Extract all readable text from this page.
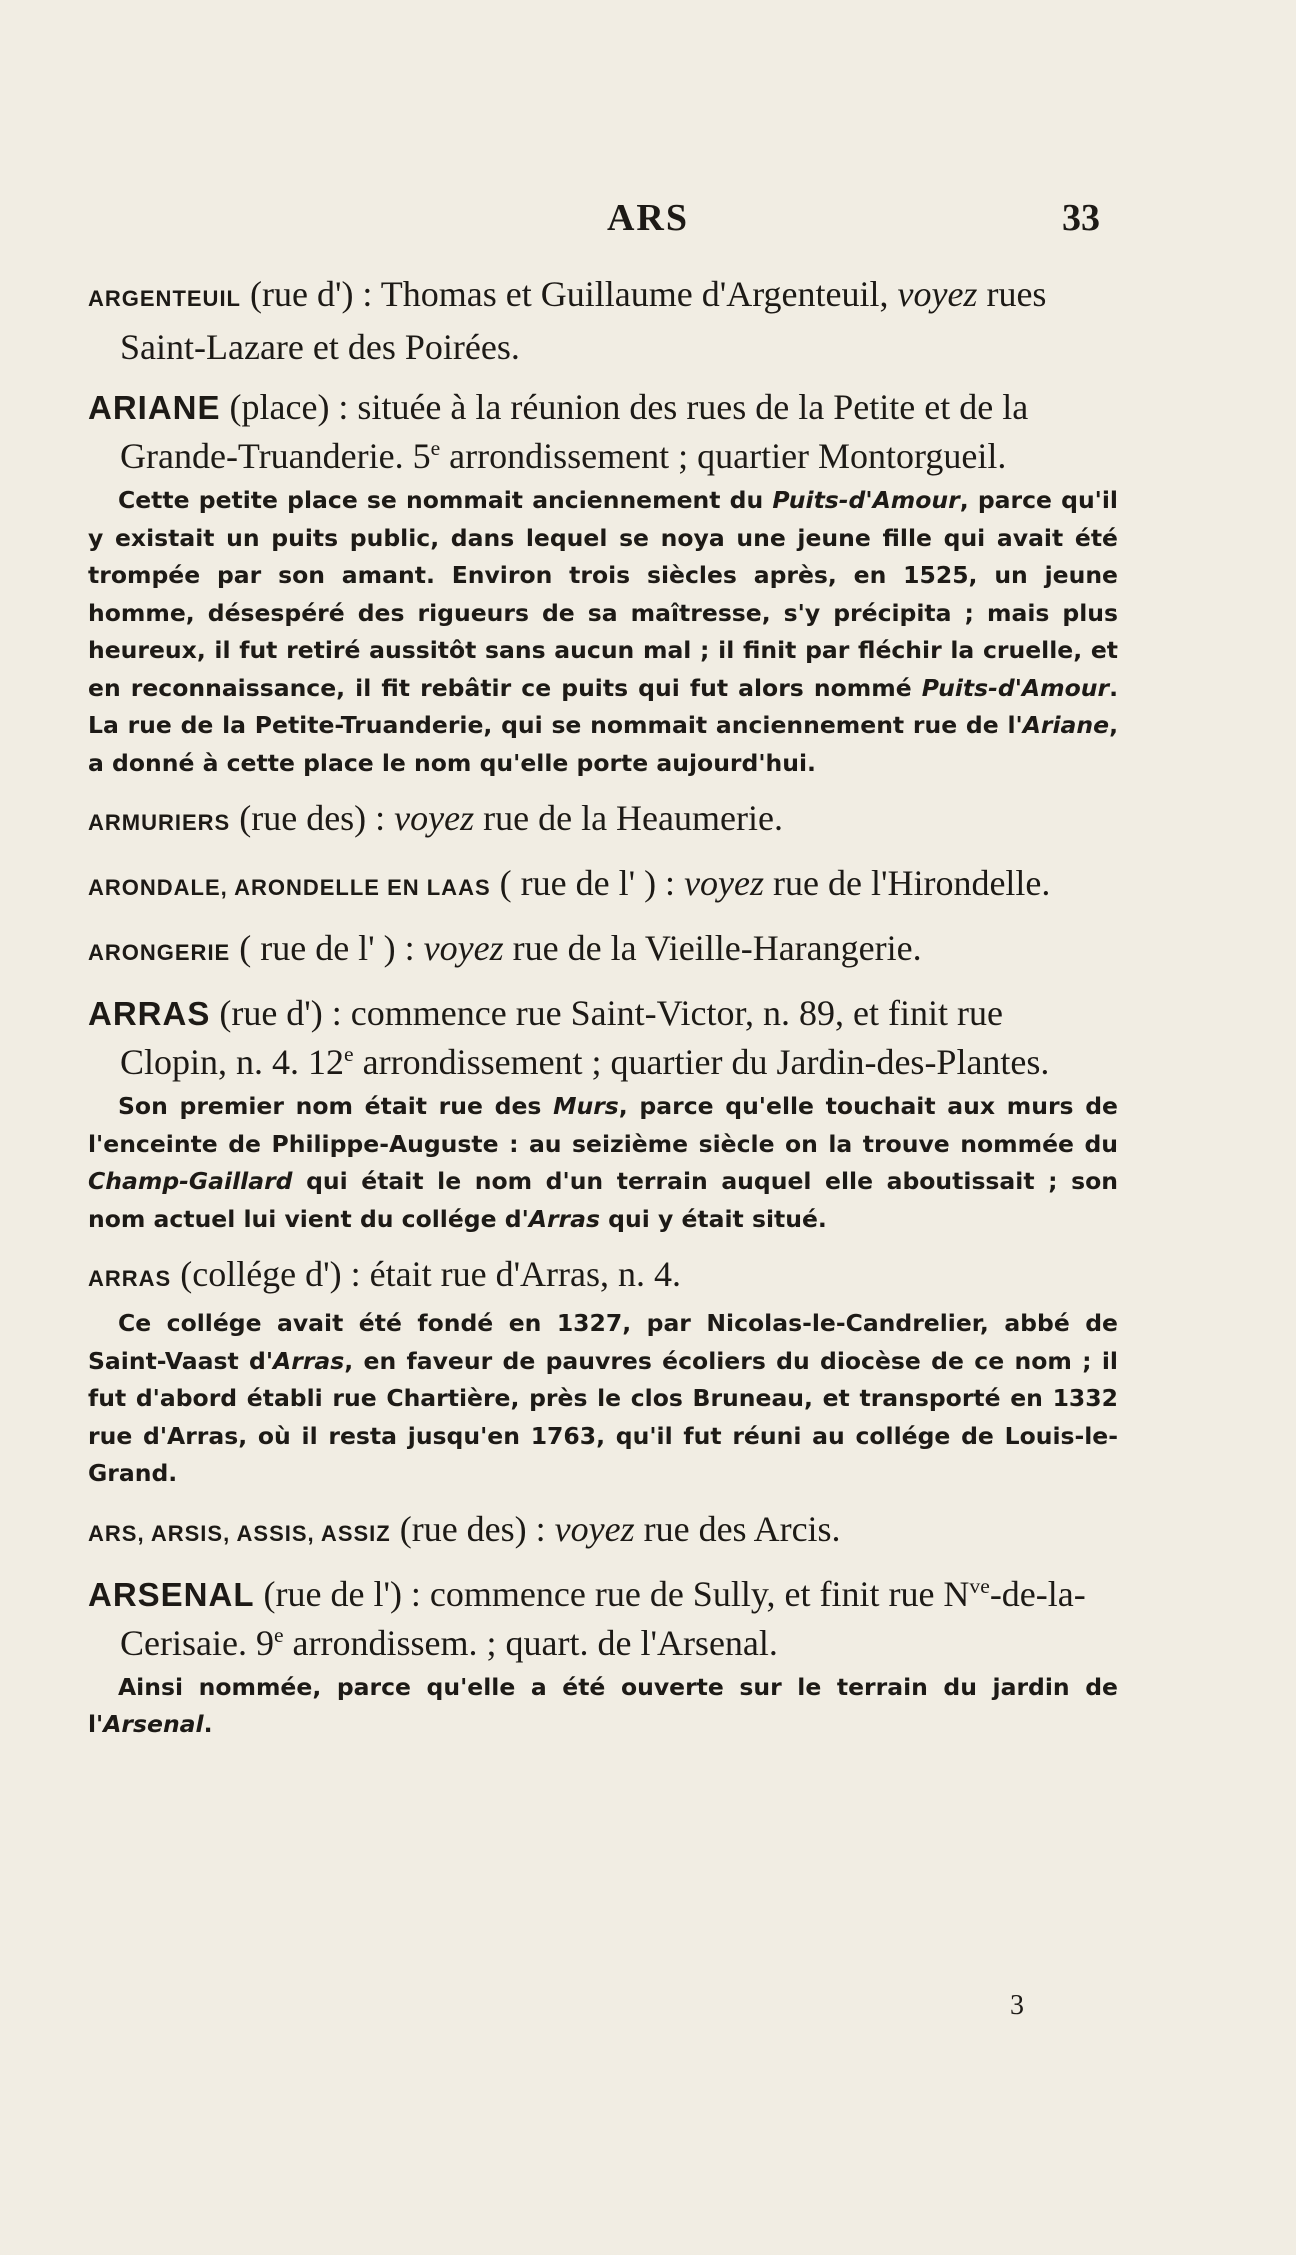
ARS	33
ARGENTEUIL (rue d') : Thomas et Guillaume d'Argenteuil, voyez rues Saint-Lazare et des Poirées.
ARIANE (place) : située à la réunion des rues de la Petite et de la Grande-Truanderie. 5e arrondissement ; quartier Montorgueil.
Cette petite place se nommait anciennement du Puits-d'Amour, parce qu'il y existait un puits public, dans lequel se noya une jeune fille qui avait été trompée par son amant. Environ trois siècles après, en 1525, un jeune homme, désespéré des rigueurs de sa maîtresse, s'y précipita ; mais plus heureux, il fut retiré aussitôt sans aucun mal ; il finit par fléchir la cruelle, et en reconnaissance, il fit rebâtir ce puits qui fut alors nommé Puits-d'Amour. La rue de la Petite-Truanderie, qui se nommait anciennement rue de l'Ariane, a donné à cette place le nom qu'elle porte aujourd'hui.
ARMURIERS (rue des) : voyez rue de la Heaumerie.
ARONDALE, ARONDELLE EN LAAS ( rue de l' ) : voyez rue de l'Hirondelle.
ARONGERIE ( rue de l' ) : voyez rue de la Vieille-Harangerie.
ARRAS (rue d') : commence rue Saint-Victor, n. 89, et finit rue Clopin, n. 4. 12e arrondissement ; quartier du Jardin-des-Plantes.
Son premier nom était rue des Murs, parce qu'elle touchait aux murs de l'enceinte de Philippe-Auguste : au seizième siècle on la trouve nommée du Champ-Gaillard qui était le nom d'un terrain auquel elle aboutissait ; son nom actuel lui vient du collége d'Arras qui y était situé.
ARRAS (collége d') : était rue d'Arras, n. 4.
Ce collége avait été fondé en 1327, par Nicolas-le-Candrelier, abbé de Saint-Vaast d'Arras, en faveur de pauvres écoliers du diocèse de ce nom ; il fut d'abord établi rue Chartière, près le clos Bruneau, et transporté en 1332 rue d'Arras, où il resta jusqu'en 1763, qu'il fut réuni au collége de Louis-le-Grand.
ARS, ARSIS, ASSIS, ASSIZ (rue des) : voyez rue des Arcis.
ARSENAL (rue de l') : commence rue de Sully, et finit rue $N^{ve}-de-la$-Cerisaie. 9e arrondissem. ; quart. de l'Arsenal.
Ainsi nommée, parce qu'elle a été ouverte sur le terrain du jardin de l'Arsenal.
3
